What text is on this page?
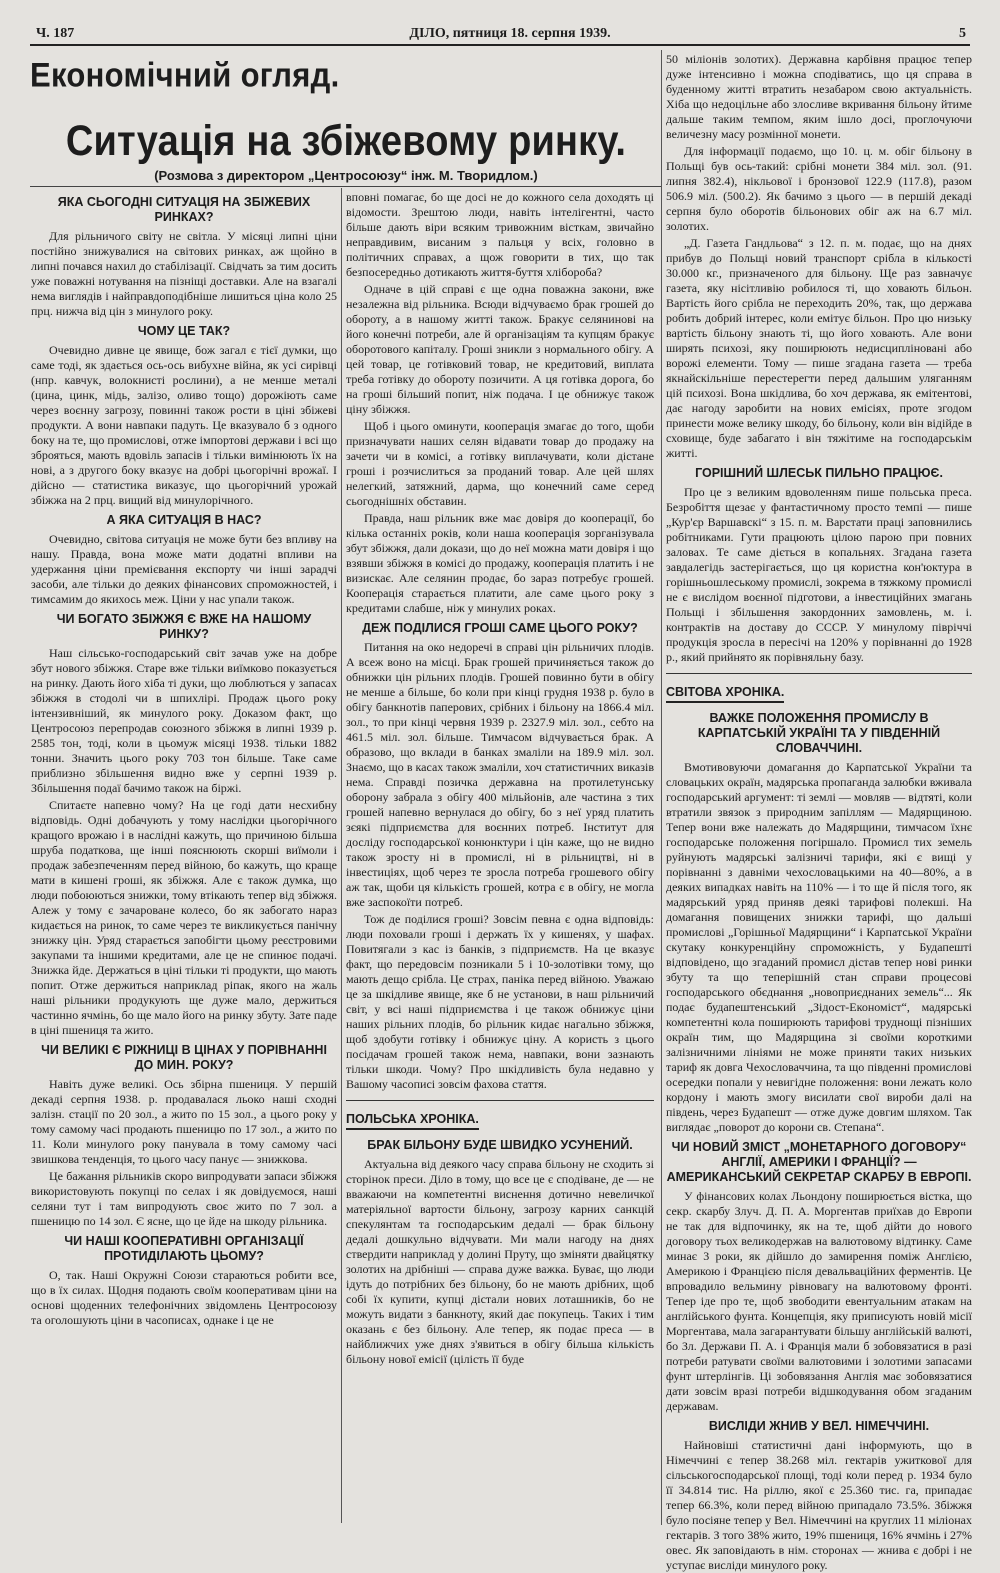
Ч. 187	ДІЛО, пятниця 18. серпня 1939.	5
Економічний огляд.
Ситуація на збіжевому ринку.
(Розмова з директором „Центросоюзу“ інж. М. Творидлом.)
ЯКА СЬОГОДНІ СИТУАЦІЯ НА ЗБІЖЕВИХ РИНКАХ?

Для рільничого світу не світла. У місяці липні ціни постійно знижувалися на світових ринках, аж щойно в липні почався нахил до стабілізації. Свідчать за тим досить уже поважні нотування на пізніщі доставки. Але на взагалі нема виглядів і найправдоподібніше лишиться ціна коло 25 прц. нижча від цін з минулого року.

ЧОМУ ЦЕ ТАК?

Очевидно дивне це явище, бож загал є тієї думки, що саме тоді, як здається ось-ось вибухне війна, як усі сирівці (нпр. кавчук, волокнисті рослини), а не менше металі (цина, цинк, мідь, залізо, оливо тощо) дорожіють саме через воєнну загрозу, повинні також рости в ціні збіжеві продукти. А вони навпаки падуть. Це вказувало б з одного боку на те, що промислові, отже імпортові держави і всі що зброяться, мають вдовіль запасів і тільки вимінюють їх на нові, а з другого боку вказує на добрі цьогорічні врожаї. І дійсно — статистика виказує, що цьогорічний урожай збіжжа на 2 прц. вищий від минулорічного.

А ЯКА СИТУАЦІЯ В НАС?

Очевидно, світова ситуація не може бути без впливу на нашу. Правда, вона може мати додатні впливи на удержання ціни премієвання експорту чи інші зарадчі засоби, але тільки до деяких фінансових спроможностей, і тимсамим до якихось меж. Ціни у нас упали також.

ЧИ БОГАТО ЗБІЖЖЯ Є ВЖЕ НА НАШОМУ РИНКУ?

Наш сільсько-господарський світ зачав уже на добре збут нового збіжжя. Старе вже тільки виїмково показується на ринку. Дають його хіба ті дуки, що люблються у запасах збіжжя в стодолі чи в шпихлірі. Продаж цього року інтензивніший, як минулого року. Доказом факт, що Центросоюз перепродав союзного збіжжя в липні 1939 р. 2585 тон, тоді, коли в цьомуж місяці 1938. тільки 1882 тонни. Значить цього року 703 тон більше. Таке саме приблизно збільшення видно вже у серпні 1939 р. Збільшення подаї бачимо також на біржі.

Спитаєте напевно чому? На це годі дати несхибну відповідь. Одні добачують у тому наслідки цьогорічного кращого врожаю і в наслідні кажуть, що причиною більша шруба податкова, ще інші пояснюють скорші виїмоли і продаж забезпеченням перед війною, бо кажуть, що краще мати в кишені гроші, як збіжжя. Але є також думка, що люди побоюються знижки, тому втікають тепер від збіжжя. Алеж у тому є зачароване колесо, бо як забогато нараз кидається на ринок, то саме через те викликується панічну знижку цін. Уряд старається запобігти цьому реєстровими закупами та іншими кредитами, але це не спинює подачі. Знижка йде. Держаться в ціні тільки ті продукти, що мають попит. Отже держиться наприклад ріпак, якого на жаль наші рільники продукують ще дуже мало, держиться частинно ячмінь, бо ще мало його на ринку збуту. Зате паде в ціні пшениця та жито.

ЧИ ВЕЛИКІ Є РІЖНИЦІ В ЦІНАХ У ПОРІВНАННІ ДО МИН. РОКУ?

Навіть дуже великі. Ось збірна пшениця. У першій декаді серпня 1938. р. продавалася льоко наші сходні залізн. стації по 20 зол., а жито по 15 зол., а цього року у тому самому часі продають пшеницю по 17 зол., а жито по 11. Коли минулого року панувала в тому самому часі звишкова тенденція, то цього часу панує — знижкова.

Це бажання рільників скоро випродувати запаси збіжжя використовують покупці по селах і як довідуємося, наші селяни тут і там випродують своє жито по 7 зол. а пшеницю по 14 зол. Є ясне, що це йде на шкоду рільника.

ЧИ НАШІ КООПЕРАТИВНІ ОРГАНІЗАЦІЇ ПРОТИДІЛАЮТЬ ЦЬОМУ?

О, так. Наші Окружні Союзи стараються робити все, що в їх силах. Щодня подають своїм кооперативам ціни на основі щоденних телефонічних звідомлень Центросоюзу та оголошують ціни в часописах, однаке і це не

вповні помагає, бо ще досі не до кожного села доходять ці відомости. Зрештою люди, навіть інтелігентні, часто більше дають віри всяким тривожним вісткам, звичайно неправдивим, висаним з пальця у всіх, головно в політичних справах, а щож говорити в тих, що так безпосередньо дотикають життя-буття хлібороба?

Одначе в цій справі є ще одна поважна закони, вже незалежна від рільника. Всюди відчуваємо брак грошей до обороту, а в нашому житті також. Бракує селянинові на його конечні потреби, але й організаціям та купцям бракує оборотового капіталу. Гроші зникли з нормального обігу. А цей товар, це готівковий товар, не кредитовий, виплата треба готівку до обороту позичити. А ця готівка дорога, бо на гроші більший попит, ніж подача. І це обнижує також ціну збіжжя.

Щоб і цього оминути, кооперація змагає до того, щоби призначувати наших селян відавати товар до продажу на зачети чи в комісі, а готівку виплачувати, коли дістане гроші і розчислиться за проданий товар. Але цей шлях нелегкий, затяжний, дарма, що конечний саме серед сьогоднішніх обставин.

Правда, наш рільник вже має довіря до кооперації, бо кілька останніх років, коли наша кооперація зорганізувала збут збіжжя, дали докази, що до неї можна мати довіря і що взявши збіжжя в комісі до продажу, кооперація платить і не визискає. Але селянин продає, бо зараз потребує грошей. Кооперація старається платити, але саме цього року з кредитами слабше, ніж у минулих роках.

ДЕЖ ПОДІЛИСЯ ГРОШІ САМЕ ЦЬОГО РОКУ?

Питання на око недоречі в справі цін рільничих плодів. А всеж воно на місці. Брак грошей причиняється також до обнижки цін рільних плодів. Грошей повинно бути в обігу не менше а більше, бо коли при кінці грудня 1938 р. було в обігу банкнотів паперових, срібних і більону на 1866.4 міл. зол., то при кінці червня 1939 р. 2327.9 міл. зол., себто на 461.5 міл. зол. більше. Тимчасом відчувається брак. А образово, що вклади в банках змаліли на 189.9 міл. зол. Знаємо, що в касах також змаліли, хоч статистичних виказів нема. Справді позичка державна на протилетунську оборону забрала з обігу 400 мільйонів, але частина з тих грошей напевно вернулася до обігу, бо з неї уряд платить зєякі підприємства для воєнних потреб. Інститут для досліду господарської конюнктури і цін каже, що не видно також зросту ні в промислі, ні в рільництві, ні в інвестиціях, щоб через те зросла потреба грошевого обігу аж так, щоби ця кількість грошей, котра є в обігу, не могла вже заспокоїти потреб.

Тож де поділися гроші? Зовсім певна є одна відповідь: люди поховали гроші і держать їх у кишенях, у шафах. Повитягали з кас із банків, з підприємств. На це вказує факт, що передовсім позникали 5 і 10-золотівки тому, що мають дещо срібла. Це страх, паніка перед війною. Уважаю це за шкідливе явище, яке б не установи, в наш рільничий світ, у всі наші підприємства і це також обнижує ціни наших рільних плодів, бо рільник кидає нагально збіжжя, щоб здобути готівку і обнижує ціну. А користь з цього посідачам грошей також нема, навпаки, вони зазнають тільки шкоди. Чому? Про шкідливість була недавно у Вашому часописі зовсім фахова стаття.

ПОЛЬСЬКА ХРОНІКА.
БРАК БІЛЬОНУ БУДЕ ШВИДКО УСУНЕНИЙ.

Актуальна від деякого часу справа більону не сходить зі сторінок преси. Діло в тому, що все це є сподіване, де — не вважаючи на компетентні виснення дотично невеличкої матеріяльної вартости більону, загрозу карних санкцій спекулянтам та господарським дедалі — брак більону дедалі дошкульно відчувати. Ми мали нагоду на днях ствердити наприклад у долині Пруту, що зміняти двайцятку золотих на дрібніші — справа дуже важка. Буває, що люди ідуть до потрібних без більону, бо не мають дрібних, щоб собі їх купити, купці дістали нових лоташників, бо не можуть видати з банкноту, який дає покупець. Таких і тим оказань є без більону. Але тепер, як подає преса — в найближчих уже днях з'явиться в обігу більша кількість більону нової емісії (цілість її буде

50 міліонів золотих). Державна карбівня працює тепер дуже інтенсивно і можна сподіватись, що ця справа в буденному житті втратить незабаром свою актуальність. Хіба що недоцільне або злосливе вкривання більону йтиме дальше таким темпом, яким ішло досі, проглочуючи величезну масу розмінної монети.

Для інформації подаємо, що 10. ц. м. обіг більону в Польщі був ось-такий: срібні монети 384 міл. зол. (91. липня 382.4), нікльової і бронзової 122.9 (117.8), разом 506.9 міл. (500.2). Як бачимо з цього — в першій декаді серпня було оборотів більонових обіг аж на 6.7 міл. золотих.

„Д. Газета Гандльова“ з 12. п. м. подає, що на днях прибув до Польщі новий транспорт срібла в кількості 30.000 кг., призначеного для більону. Ще раз завначує газета, яку нісітливію робилося ті, що ховають більон. Вартість його срібла не переходить 20%, так, що держава робить добрий інтерес, коли емітує більон. Про цю низьку вартість більону знають ті, що його ховають. Але вони ширять психозі, яку поширюють недисципліновані або ворожі елементи. Тому — пише згадана газета — треба якнайскільніше перестерегти перед дальшим уляганням цій психозі. Вона шкідлива, бо хоч держава, як емітентові, дає нагоду заробити на нових емісіях, проте згодом принести може велику шкоду, бо більону, коли він відійде в сховище, буде забагато і він тяжітиме на господарськім житті.

ГОРІШНИЙ ШЛЕСЬК ПИЛЬНО ПРАЦЮЄ.

Про це з великим вдоволенням пише польська преса. Безробіття щезає у фантастичному просто темпі — пише „Кур'єр Варшавскі“ з 15. п. м. Варстати праці заповнились робітниками. Гути працюють цілою парою при повних заловах. Те саме діється в копальнях. Згадана газета завдалегідь застерігається, що ця користна кон'юктура в горішньошлеському промислі, зокрема в тяжкому промислі не є вислідом воєнної підготови, а інвестиційних змагань Польщі і збільшення закордонних замовлень, м. і. контрактів на доставу до СССР. У минулому півріччі продукція зросла в пересічі на 120% у порівнанні до 1928 р., який прийнято як порівняльну базу.

СВІТОВА ХРОНІКА.
ВАЖКЕ ПОЛОЖЕННЯ ПРОМИСЛУ В КАРПАТСЬКІЙ УКРАЇНІ ТА У ПІВДЕННІЙ СЛОВАЧЧИНІ.

Вмотивовуючи домагання до Карпатської України та словацьких окраїн, мадярська пропаганда залюбки вживала господарський аргумент: ті землі — мовляв — відтяті, коли втратили звязок з природним запіллям — Мадярщиною. Тепер вони вже належать до Мадярщини, тимчасом їхнє господарське положення погіршало. Промисл тих земель руйнують мадярські залізничі тарифи, які є вищі у порівнанні з давніми чехословацькими на 40—80%, а в деяких випадках навіть на 110% — і то ще й після того, як мадярський уряд приняв деякі тарифові полекші. На домагання повищених знижки тарифі, що дальші промислові „Горішньої Мадярщини“ і Карпатської України скутаку конкуренційну спроможність, у Будапешті відповідено, що згаданий промисл дістав тепер нові ринки збуту та що теперішній стан справи процесові господарського обєднання „новоприєднаних земель“... Як подає будапештенський „Зідост-Економіст“, мадярські компетентні кола поширюють тарифові труднощі пізніших окраїн тим, що Мадярщина зі своїми короткими залізничними лініями не може приняти таких низьких тариф як довга Чехословаччина, та що південні промислові осередки попали у невигідне положення: вони лежать коло кордону і мають змогу висилати свої вироби далі на південь, через Будапешт — отже дуже довгим шляхом. Так виглядає „поворот до корони св. Степана“.

ЧИ НОВИЙ ЗМІСТ „МОНЕТАРНОГО ДОГОВОРУ“ АНГЛІЇ, АМЕРИКИ І ФРАНЦІЇ? — АМЕРИКАНСЬКИЙ СЕКРЕТАР СКАРБУ В ЕВРОПІ.

У фінансових колах Льондону поширюється вістка, що секр. скарбу Злуч. Д. П. А. Моргентав приїхав до Европи не так для відпочинку, як на те, щоб дійти до нового договору тьох великодержав на валютовому відтинку. Саме минає 3 роки, як дійшло до замирення поміж Англією, Америкою і Францією після девальваційних ферментів. Це впровадило вельмину рівновагу на валютовому фронті. Тепер іде про те, щоб звободити евентуальним атакам на англійського фунта. Концепція, яку приписують новій місії Моргентава, мала загарантувати більшу англійській валюті, бо Зл. Держави П. А. і Франція мали б зобовязатися в разі потреби ратувати своїми валютовими і золотими запасами фунт штерлінгів. Ці зобовязання Англія має зобовязатися дати зовсім вразі потреби відшкодування обом згаданим державам.

ВИСЛІДИ ЖНИВ У ВЕЛ. НІМЕЧЧИНІ.

Найновіші статистичні дані інформують, що в Німеччині є тепер 38.268 міл. гектарів ужиткової для сільськогосподарської площі, тоді коли перед р. 1934 було її 34.814 тис. На ріллю, якої є 25.360 тис. га, припадає тепер 66.3%, коли перед війною припадало 73.5%. Збіжжя було посіяне тепер у Вел. Німеччині на круглих 11 міліонах гектарів. З того 38% жито, 19% пшениця, 16% ячмінь і 27% овес. Як заповідають в нім. сторонах — жнива є добрі і не уступає висліди минулого року.
